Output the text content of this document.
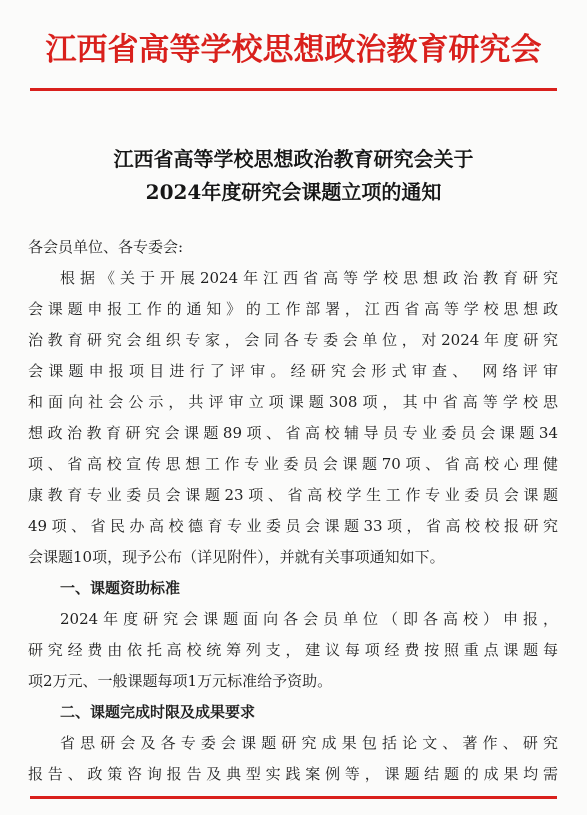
江西省高等学校思想政治教育研究会
江西省高等学校思想政治教育研究会关于
2024年度研究会课题立项的通知
各会员单位、各专委会:
根据《关于开展2024年江西省高等学校思想政治教育研究
会课题申报工作的通知》的工作部署，江西省高等学校思想政
治教育研究会组织专家，会同各专委会单位，对2024年度研究
会课题申报项目进行了评审。经研究会形式审查、 网络评审
和面向社会公示，共评审立项课题308项，其中省高等学校思
想政治教育研究会课题89项、省高校辅导员专业委员会课题34
项、省高校宣传思想工作专业委员会课题70项、省高校心理健
康教育专业委员会课题23项、省高校学生工作专业委员会课题
49项、省民办高校德育专业委员会课题33项，省高校校报研究
会课题10项，现予公布（详见附件），并就有关事项通知如下。
一、课题资助标准
2024年度研究会课题面向各会员单位（即各高校）申报，
研究经费由依托高校统筹列支，建议每项经费按照重点课题每
项2万元、一般课题每项1万元标准给予资助。
二、课题完成时限及成果要求
省思研会及各专委会课题研究成果包括论文、著作、研究
报告、政策咨询报告及典型实践案例等，课题结题的成果均需
